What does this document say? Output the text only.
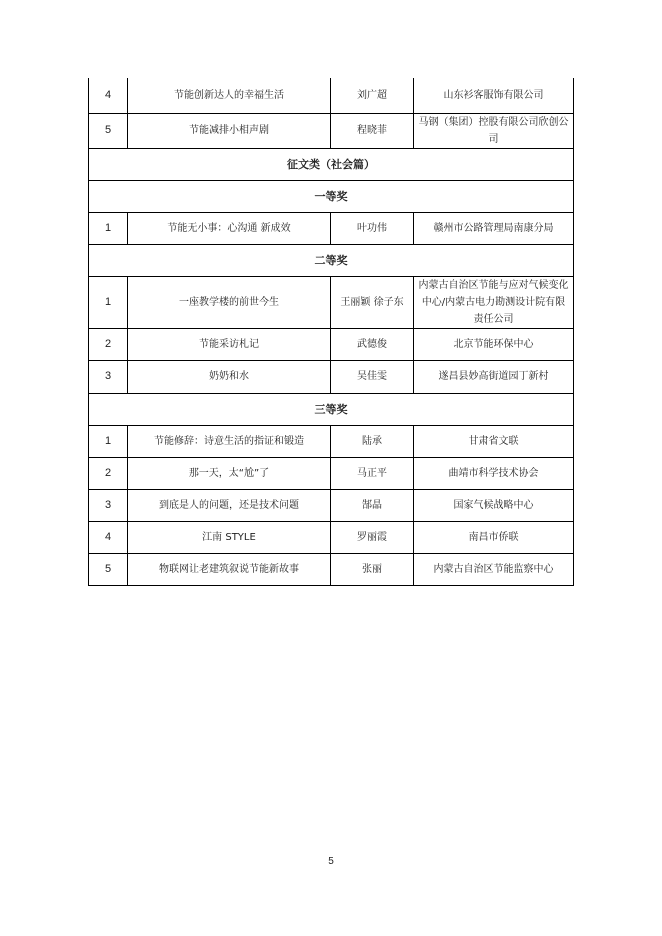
4	节能创新达人的幸福生活	刘广超	山东衫客服饰有限公司
5	节能减排小相声剧	程晓菲	马钢（集团）控股有限公司欣创公司
征文类（社会篇）			
一等奖			
1	节能无小事：心沟通 新成效	叶功伟	赣州市公路管理局南康分局
二等奖			
1	一座教学楼的前世今生	王丽颖 徐子东	内蒙古自治区节能与应对气候变化中心/内蒙古电力勘测设计院有限责任公司
2	节能采访札记	武德俊	北京节能环保中心
3	奶奶和水	吴佳雯	遂昌县妙高街道园丁新村
三等奖			
1	节能修辞：诗意生活的指证和锻造	陆承	甘肃省文联
2	那一天，太“尬”了	马正平	曲靖市科学技术协会
3	到底是人的问题，还是技术问题	郜晶	国家气候战略中心
4	江南 STYLE	罗丽霞	南昌市侨联
5	物联网让老建筑叙说节能新故事	张丽	内蒙古自治区节能监察中心
5
